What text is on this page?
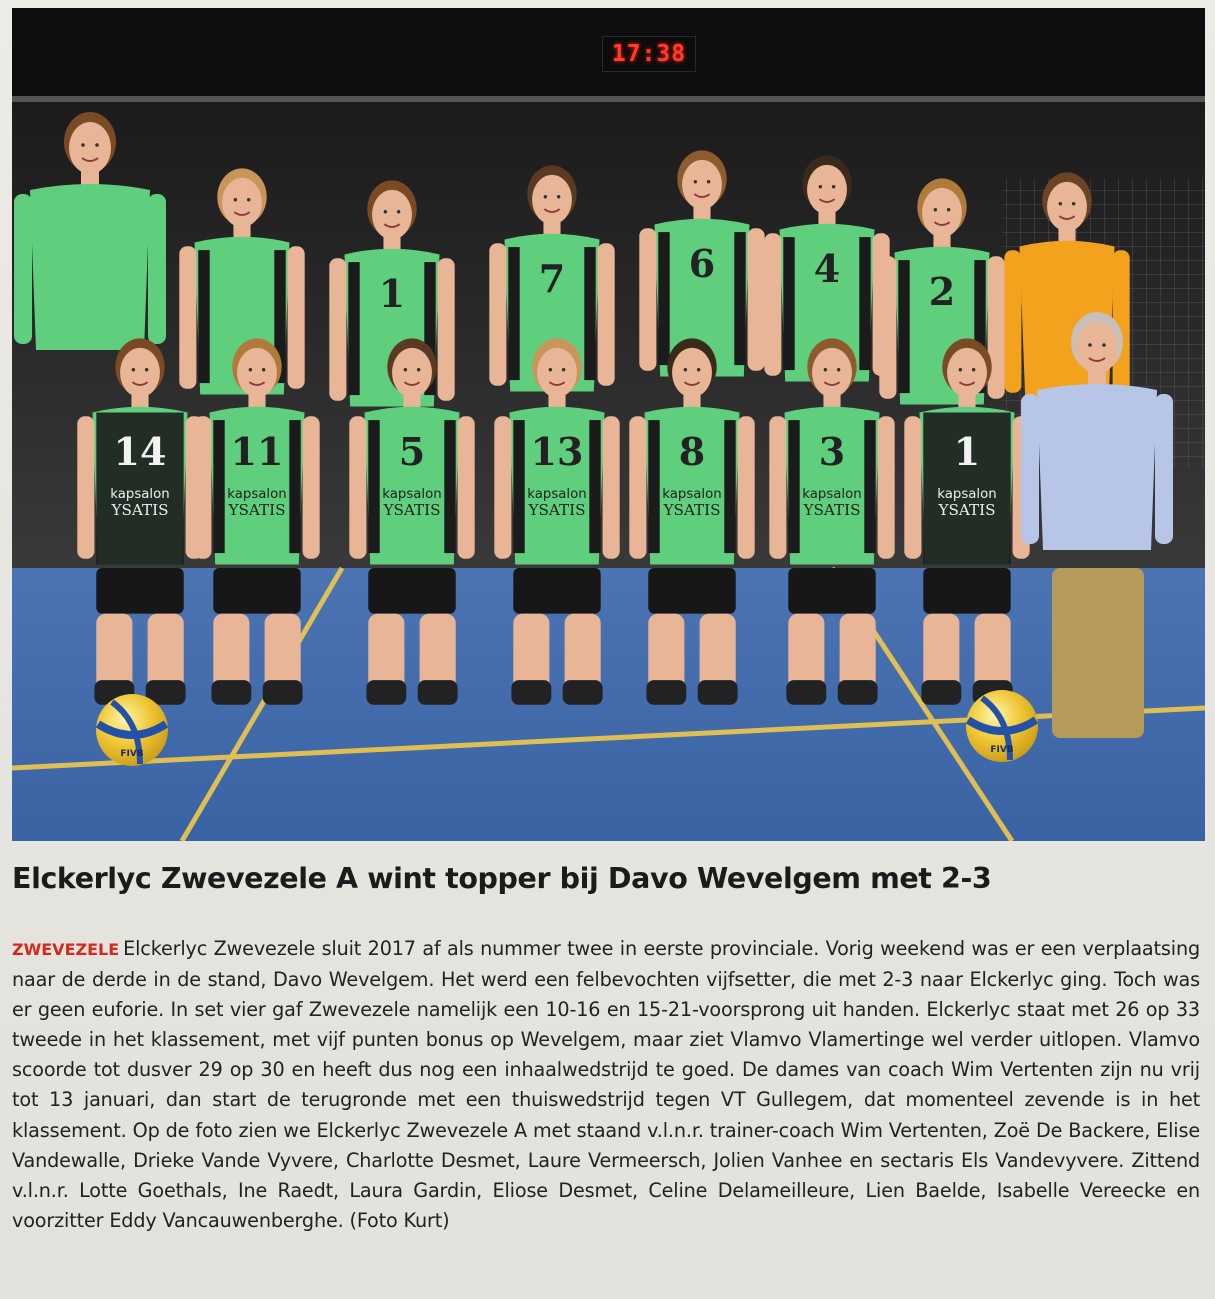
1	7	6	4
2
14
kapsalon
YSATIS
11
kapsalon
YSATIS
5
kapsalon
YSATIS
13
kapsalon
YSATIS
8
kapsalon
YSATIS
3
kapsalon
YSATIS
1
kapsalon
YSATIS
FIVB	FIVB
17:38
Elckerlyc Zwevezele A wint topper bij Davo Wevelgem met 2-3
ZWEVEZELE Elckerlyc Zwevezele sluit 2017 af als nummer twee in eerste provinciale. Vorig weekend was er een verplaatsing naar de derde in de stand, Davo Wevelgem. Het werd een felbevochten vijfsetter, die met 2-3 naar Elckerlyc ging. Toch was er geen euforie. In set vier gaf Zwevezele namelijk een 10-16 en 15-21-voorsprong uit handen. Elckerlyc staat met 26 op 33 tweede in het klassement, met vijf punten bonus op Wevelgem, maar ziet Vlamvo Vlamertinge wel verder uitlopen. Vlamvo scoorde tot dusver 29 op 30 en heeft dus nog een inhaalwedstrijd te goed. De dames van coach Wim Vertenten zijn nu vrij tot 13 januari, dan start de terugronde met een thuiswedstrijd tegen VT Gullegem, dat momenteel zevende is in het klassement. Op de foto zien we Elckerlyc Zwevezele A met staand v.l.n.r. trainer-coach Wim Vertenten, Zoë De Backere, Elise Vandewalle, Drieke Vande Vyvere, Charlotte Desmet, Laure Vermeersch, Jolien Vanhee en sectaris Els Vandevyvere. Zittend v.l.n.r. Lotte Goethals, Ine Raedt, Laura Gardin, Eliose Desmet, Celine Delameilleure, Lien Baelde, Isabelle Vereecke en voorzitter Eddy Vancauwenberghe. (Foto Kurt)
